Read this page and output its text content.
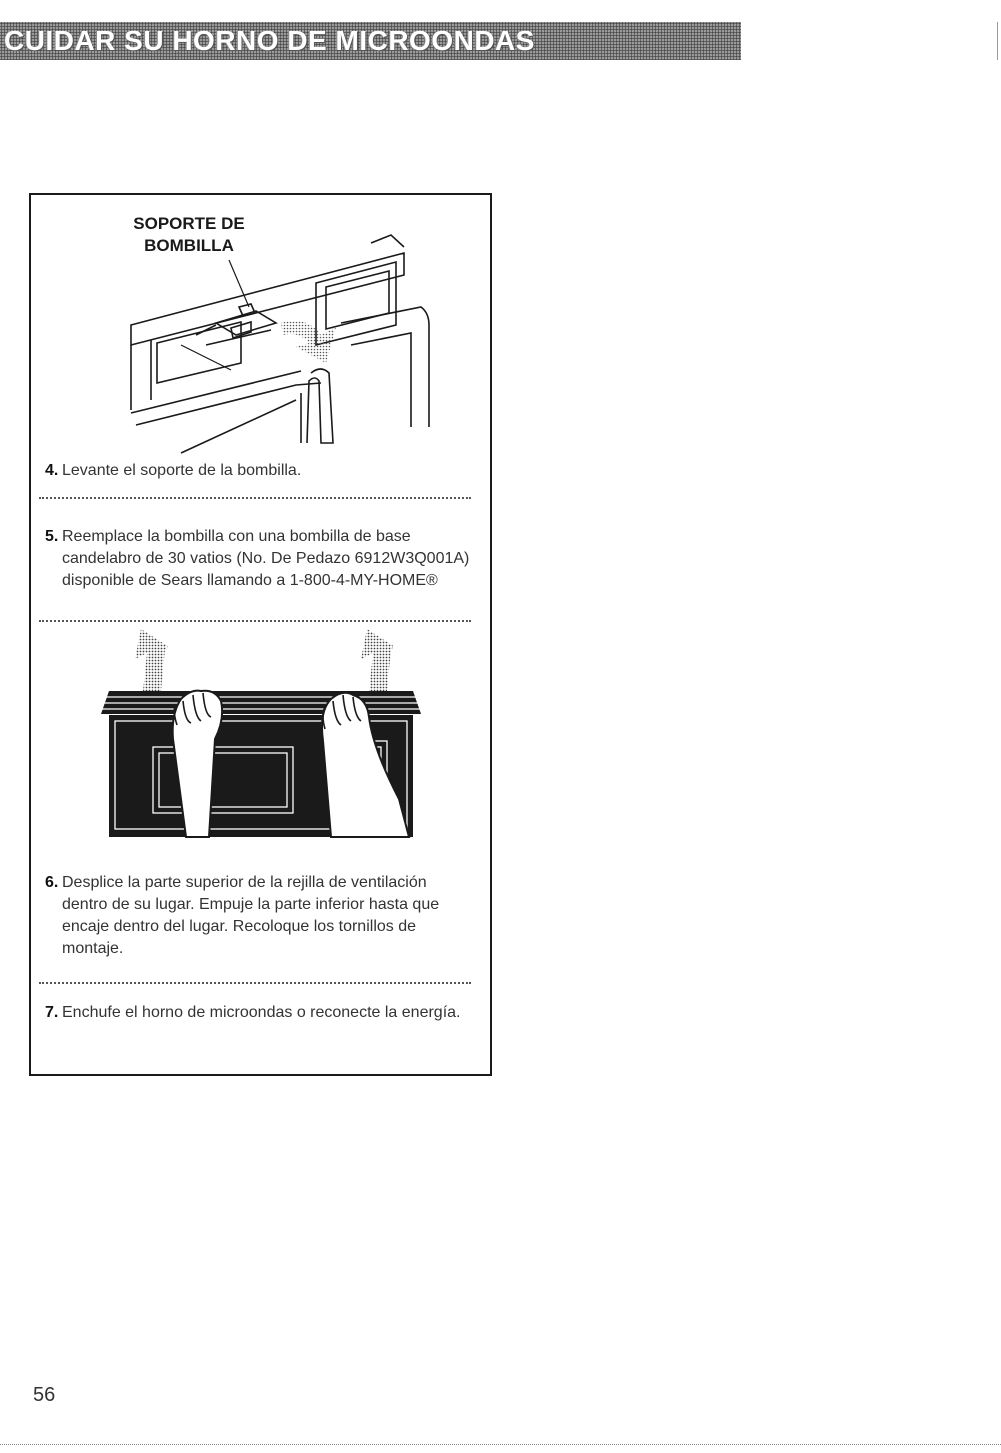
CUIDAR SU HORNO DE MICROONDAS
SOPORTE DE
BOMBILLA
4. Levante el soporte de la bombilla.
5. Reemplace la bombilla con una bombilla de base candelabro de 30 vatios (No. De Pedazo 6912W3Q001A) disponible de Sears llamando a 1-800-4-MY-HOME®
6. Desplice la parte superior de la rejilla de ventilación dentro de su lugar. Empuje la parte inferior hasta que encaje dentro del lugar. Recoloque los tornillos de montaje.
7. Enchufe el horno de microondas o reconecte la energía.
56
